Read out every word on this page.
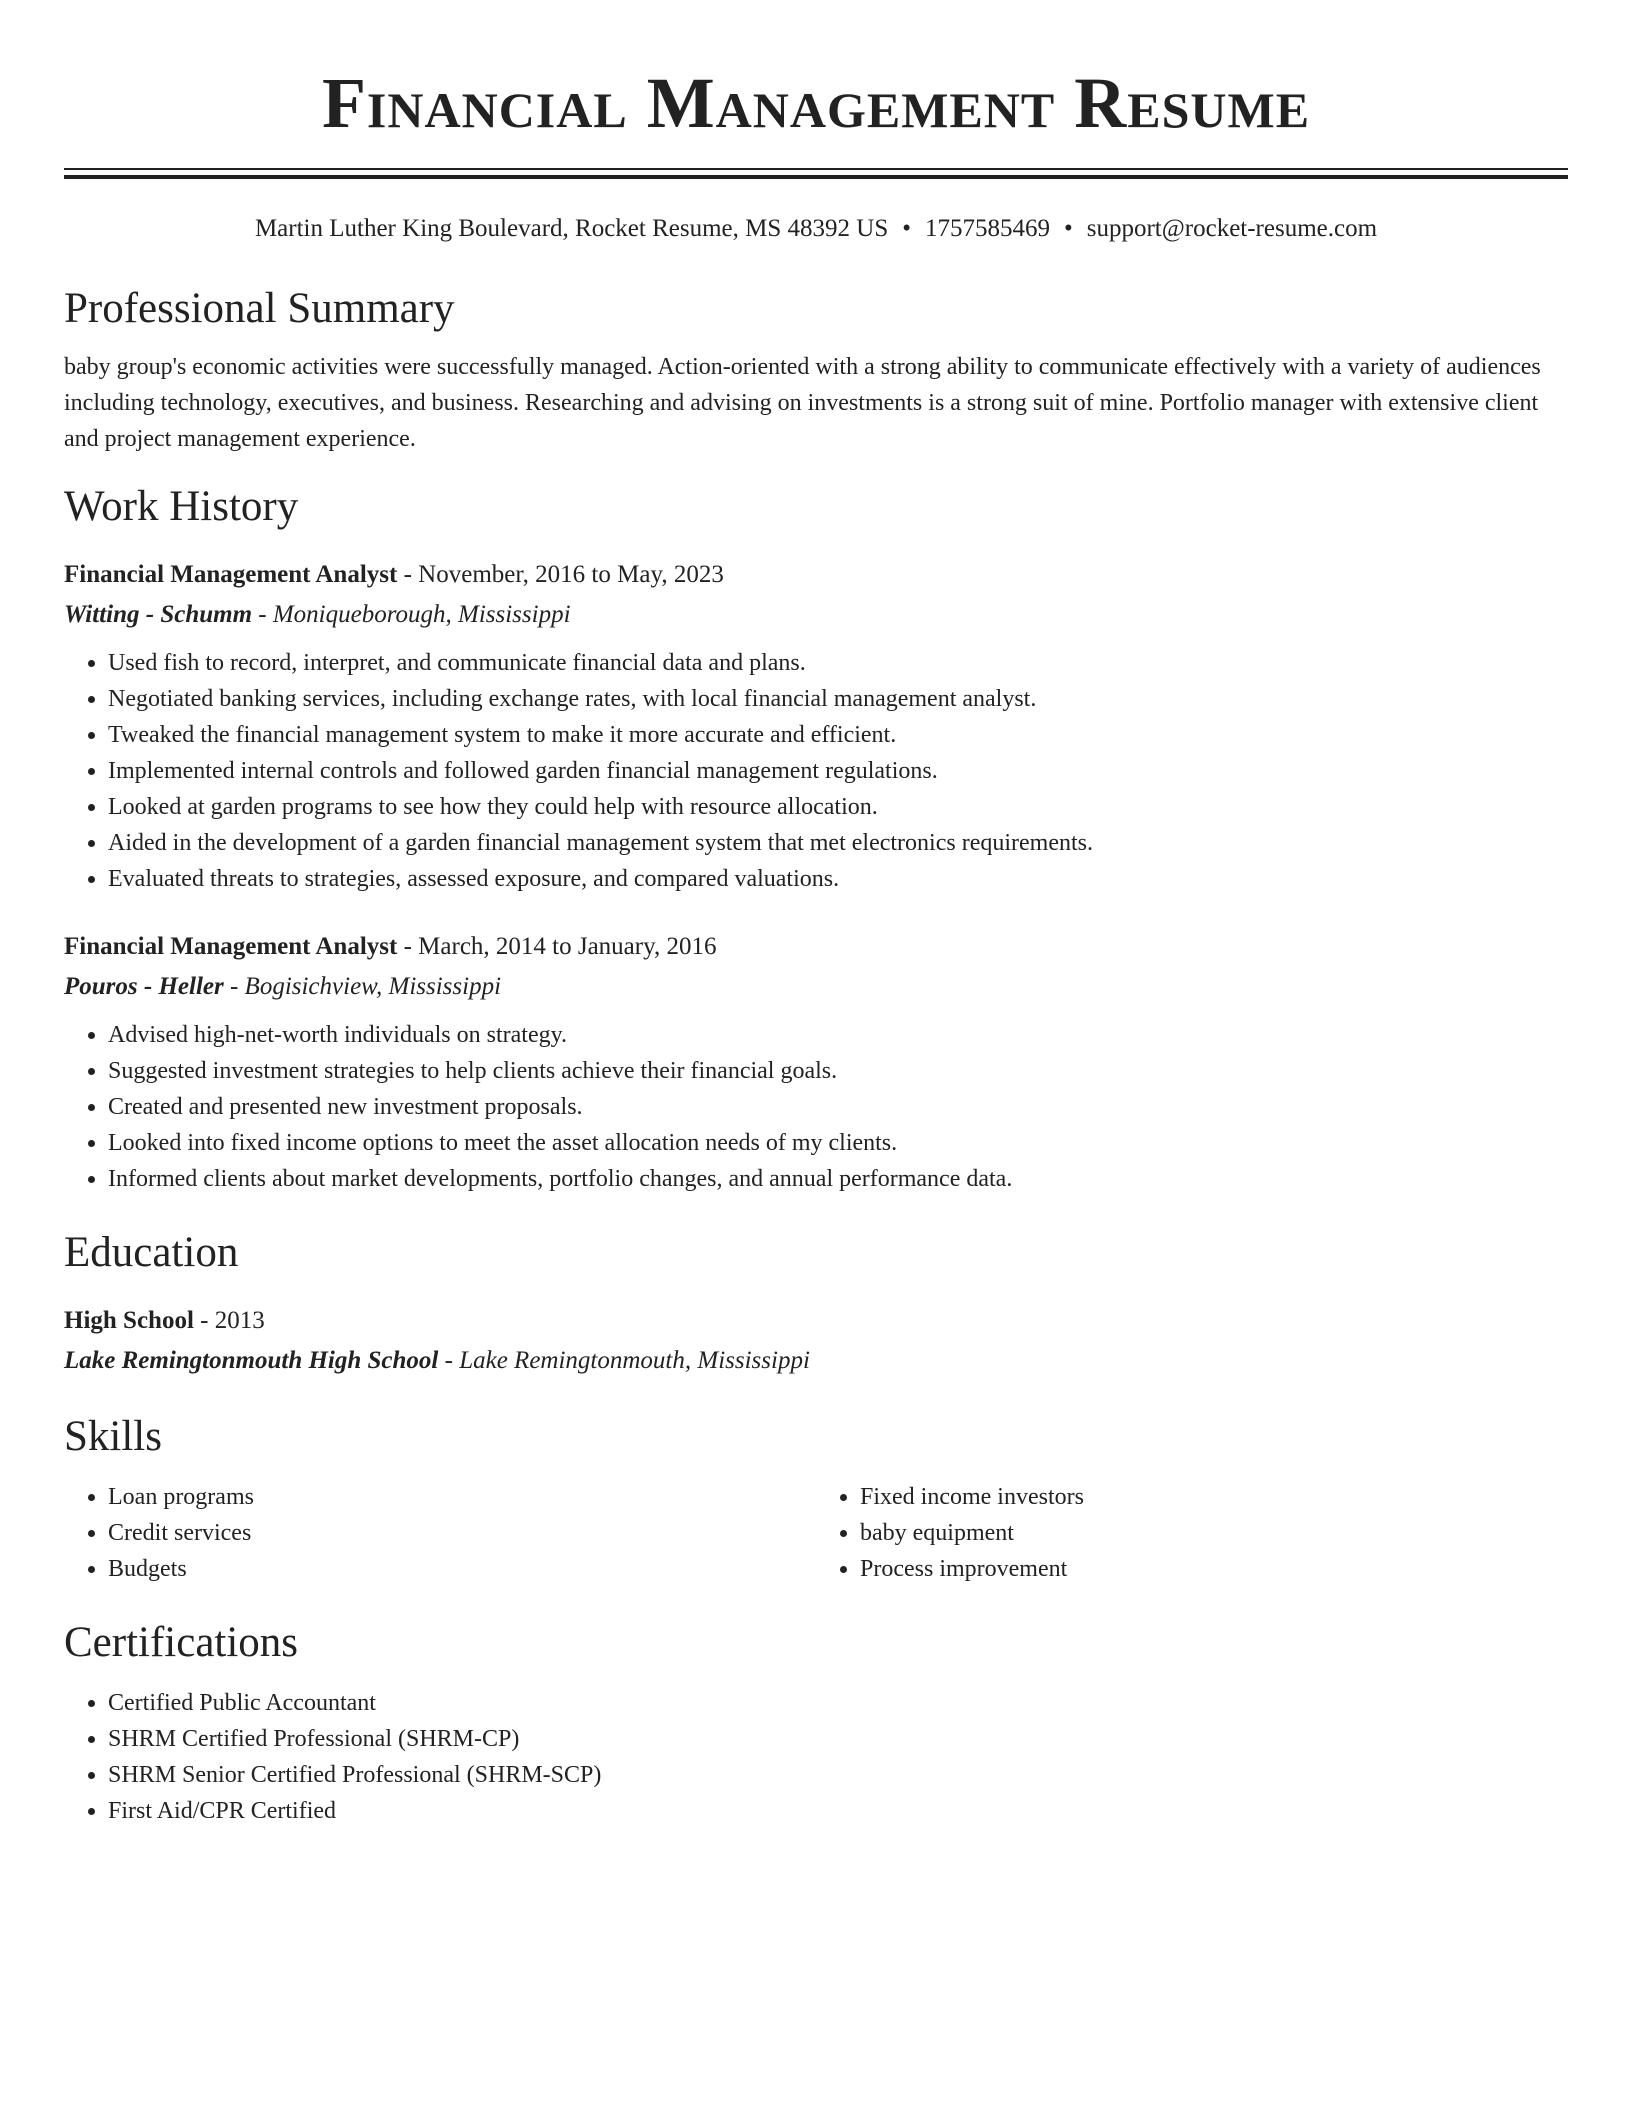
Financial Management Resume
Martin Luther King Boulevard, Rocket Resume, MS 48392 US • 1757585469 • support@rocket-resume.com
Professional Summary

baby group's economic activities were successfully managed. Action-oriented with a strong ability to communicate effectively with a variety of audiences including technology, executives, and business. Researching and advising on investments is a strong suit of mine. Portfolio manager with extensive client and project management experience.

Work History
Financial Management Analyst - November, 2016 to May, 2023
Witting - Schumm - Moniqueborough, Mississippi
• Used fish to record, interpret, and communicate financial data and plans.
• Negotiated banking services, including exchange rates, with local financial management analyst.
• Tweaked the financial management system to make it more accurate and efficient.
• Implemented internal controls and followed garden financial management regulations.
• Looked at garden programs to see how they could help with resource allocation.
• Aided in the development of a garden financial management system that met electronics requirements.
• Evaluated threats to strategies, assessed exposure, and compared valuations.
Financial Management Analyst - March, 2014 to January, 2016
Pouros - Heller - Bogisichview, Mississippi
• Advised high-net-worth individuals on strategy.
• Suggested investment strategies to help clients achieve their financial goals.
• Created and presented new investment proposals.
• Looked into fixed income options to meet the asset allocation needs of my clients.
• Informed clients about market developments, portfolio changes, and annual performance data.
Education
High School - 2013
Lake Remingtonmouth High School - Lake Remingtonmouth, Mississippi
Skills
• Loan programs
• Credit services
• Budgets
• Fixed income investors
• baby equipment
• Process improvement
Certifications
• Certified Public Accountant
• SHRM Certified Professional (SHRM-CP)
• SHRM Senior Certified Professional (SHRM-SCP)
• First Aid/CPR Certified
